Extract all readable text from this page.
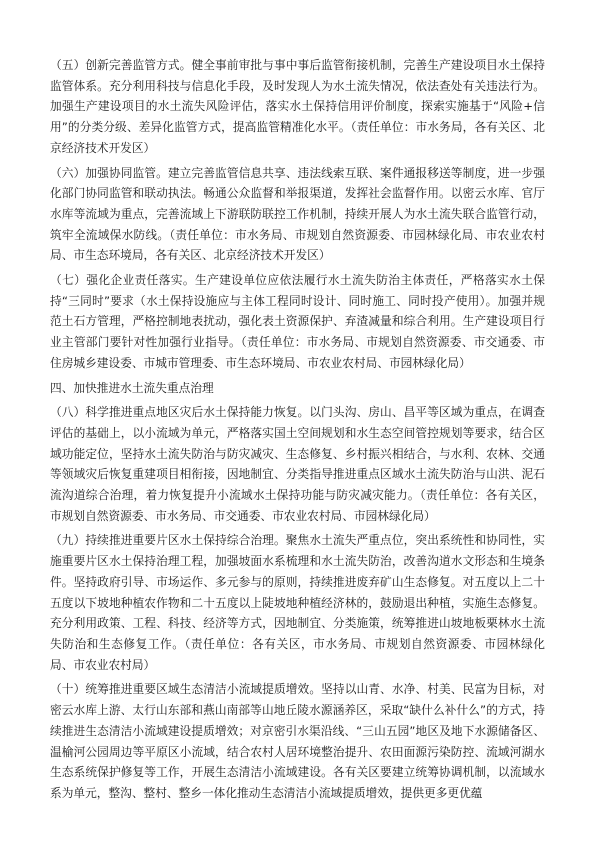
（五）创新完善监管方式。健全事前审批与事中事后监管衔接机制，完善生产建设项目水土保持监管体系。充分利用科技与信息化手段，及时发现人为水土流失情况，依法查处有关违法行为。加强生产建设项目的水土流失风险评估，落实水土保持信用评价制度，探索实施基于“风险+信用”的分类分级、差异化监管方式，提高监管精准化水平。（责任单位：市水务局，各有关区、北京经济技术开发区）

（六）加强协同监管。建立完善监管信息共享、违法线索互联、案件通报移送等制度，进一步强化部门协同监管和联动执法。畅通公众监督和举报渠道，发挥社会监督作用。以密云水库、官厅水库等流域为重点，完善流域上下游联防联控工作机制，持续开展人为水土流失联合监管行动，筑牢全流域保水防线。（责任单位：市水务局、市规划自然资源委、市园林绿化局、市农业农村局、市生态环境局，各有关区、北京经济技术开发区）

（七）强化企业责任落实。生产建设单位应依法履行水土流失防治主体责任，严格落实水土保持“三同时”要求（水土保持设施应与主体工程同时设计、同时施工、同时投产使用）。加强并规范土石方管理，严格控制地表扰动，强化表土资源保护、弃渣减量和综合利用。生产建设项目行业主管部门要针对性加强行业指导。（责任单位：市水务局、市规划自然资源委、市交通委、市住房城乡建设委、市城市管理委、市生态环境局、市农业农村局、市园林绿化局）

四、加快推进水土流失重点治理

（八）科学推进重点地区灾后水土保持能力恢复。以门头沟、房山、昌平等区域为重点，在调查评估的基础上，以小流域为单元，严格落实国土空间规划和水生态空间管控规划等要求，结合区域功能定位，坚持水土流失防治与防灾减灾、生态修复、乡村振兴相结合，与水利、农林、交通等领域灾后恢复重建项目相衔接，因地制宜、分类指导推进重点区域水土流失防治与山洪、泥石流沟道综合治理，着力恢复提升小流域水土保持功能与防灾减灾能力。（责任单位：各有关区，市规划自然资源委、市水务局、市交通委、市农业农村局、市园林绿化局）

（九）持续推进重要片区水土保持综合治理。聚焦水土流失严重点位，突出系统性和协同性，实施重要片区水土保持治理工程，加强坡面水系梳理和水土流失防治，改善沟道水文形态和生境条件。坚持政府引导、市场运作、多元参与的原则，持续推进废弃矿山生态修复。对五度以上二十五度以下坡地种植农作物和二十五度以上陡坡地种植经济林的，鼓励退出种植，实施生态修复。充分利用政策、工程、科技、经济等方式，因地制宜、分类施策，统筹推进山坡地板栗林水土流失防治和生态修复工作。（责任单位：各有关区，市水务局、市规划自然资源委、市园林绿化局、市农业农村局）

（十）统筹推进重要区域生态清洁小流域提质增效。坚持以山青、水净、村美、民富为目标，对密云水库上游、太行山东部和燕山南部等山地丘陵水源涵养区，采取“缺什么补什么”的方式，持续推进生态清洁小流域建设提质增效；对京密引水渠沿线、“三山五园”地区及地下水源储备区、温榆河公园周边等平原区小流域，结合农村人居环境整治提升、农田面源污染防控、流域河湖水生态系统保护修复等工作，开展生态清洁小流域建设。各有关区要建立统筹协调机制，以流域水系为单元，整沟、整村、整乡一体化推动生态清洁小流域提质增效，提供更多更优蕴
